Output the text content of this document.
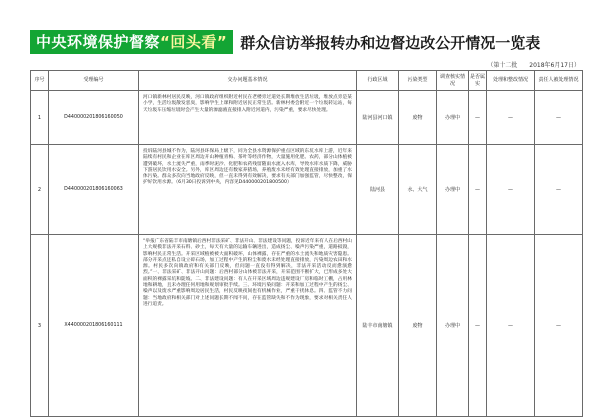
中央环境保护督察“回头看” 群众信访举报转办和边督边改公开情况一览表
（第十二批 2018年6月17日）
序号	受理编号	交办问题基本情况	行政区域	污染类型	调查核实情况	是否属实	处理和整改情况	责任人被处理情况
1	D440000201806160050	河口镇新林村居民反映，河口镇政府组织附近村民在老楼旁过道处长期堆放生活垃圾，堆放点旁是某小学，生活垃圾散发恶臭，影响学生上课和附近居民正常生活。新林村委会附近一个垃圾转运站，每天垃圾车压缩垃圾时会产生大量的渗滤液直接排入附近河道内，污染严重，要求尽快处理。	陆河县河口镇	废物	办理中	—	—	—
2	D440000201806160063	投诉陆河县城不作为，陆河县环保局上级下，同为全县水资源保护重点区域的东坑水库上游，近年来陆续有村民和企业在库区周边开山种植青梅、茶叶等经济作物，大量施用化肥、农药，部分山体植被遭到破坏，水土流失严重，雨季时泥沙、化肥和农药残留随雨水流入水库，导致水库水质下降，威胁下游居民饮用水安全。另外，库区周边还有数家养猪场，养殖废水未经有效处理直接排放，加重了水体污染。群众多次向当地政府反映，但一直未得到有效解决，要求有关部门加强监管，尽快整改，保护好饮用水源。（6月30日投诉到中央，内容见D440000201800500）	陆河县	水、大气	办理中	—	—	—
3	X440000201806160111	“举报广东省陆丰市南塘镇后西村非法采矿、非法开山、非法建设等问题，投诉近年来有人在后西村山上大规模非法开采石料、砂土，每天有大量的运输车辆进出，造成扬尘、噪声污染严重，道路损毁，影响村民正常生活。开采区域植被被大面积破坏，山体裸露，存在严重的水土流失和地质灾害隐患。部分开采点还私自设立碎石场，加工过程中产生的粉尘和废水未经处理直接排放，污染周边农田和水源。村民多次向镇政府和有关部门反映，但问题一直没有得到解决，非法开采活动反而愈演愈烈。”一、非法采矿、非法开山问题：后西村部分山体被非法开采，开采范围不断扩大，已形成多处大面积的裸露采坑和陡坡。二、非法建设问题：有人在开采区域周边违规建设厂房和临时工棚，占用林地和耕地，且未办理任何用地和规划审批手续。三、环境污染问题：开采和加工过程中产生的扬尘、噪声以及废水严重影响周边居民生活，村民反映夜间也有机械作业，严重干扰休息。四、监管不力问题：当地政府和相关部门对上述问题长期不闻不问，存在监管缺失和不作为现象，要求对相关责任人进行追责。	陆丰市南塘镇	废物	办理中	—	—	—
